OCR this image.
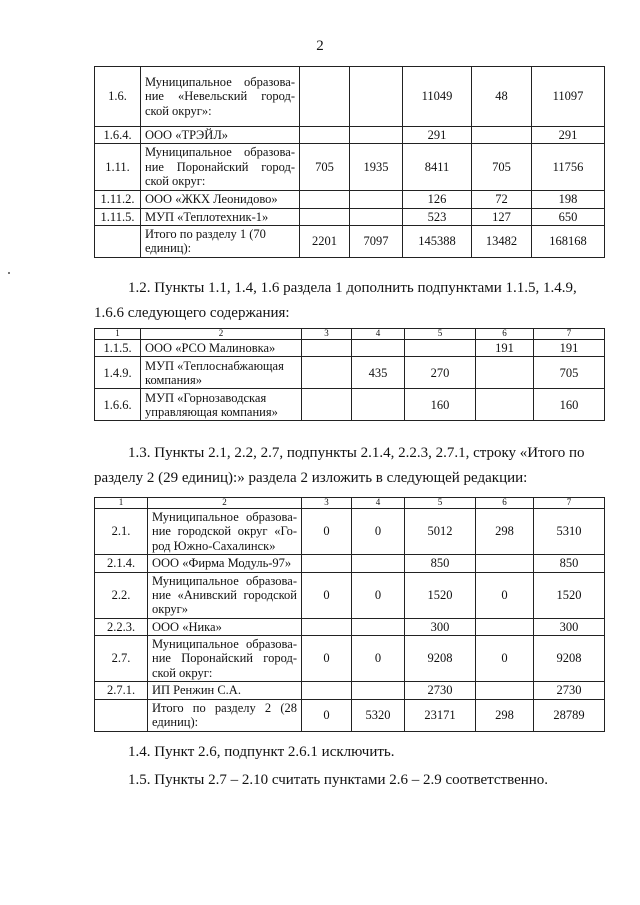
2
1.6.	Муниципальное образова-ние «Невельский город-ской округ»:			11049	48	11097
1.6.4.	ООО «ТРЭЙЛ»			291		291
1.11.	Муниципальное образова-ние Поронайский город-ской округ:	705	1935	8411	705	11756
1.11.2.	ООО «ЖКХ Леонидово»			126	72	198
1.11.5.	МУП «Теплотехник-1»			523	127	650
	Итого по разделу 1 (70 единиц):	2201	7097	145388	13482	168168
1.2. Пункты 1.1, 1.4, 1.6 раздела 1 дополнить подпунктами 1.1.5, 1.4.9,
1.6.6 следующего содержания:
1	2	3	4	5	6	7
1.1.5.	ООО «РСО Малиновка»				191	191
1.4.9.	МУП «Теплоснабжающая компания»		435	270		705
1.6.6.	МУП «Горнозаводская управляющая компания»			160		160
1.3. Пункты 2.1, 2.2, 2.7, подпункты 2.1.4, 2.2.3, 2.7.1, строку «Итого по
разделу 2 (29 единиц):» раздела 2 изложить в следующей редакции:
1	2	3	4	5	6	7
2.1.	Муниципальное образова-ние городской округ «Го-род Южно-Сахалинск»	0	0	5012	298	5310
2.1.4.	ООО «Фирма Модуль-97»			850		850
2.2.	Муниципальное образова-ние «Анивский городской округ»	0	0	1520	0	1520
2.2.3.	ООО «Ника»			300		300
2.7.	Муниципальное образова-ние Поронайский город-ской округ:	0	0	9208	0	9208
2.7.1.	ИП Ренжин С.А.			2730		2730
	Итого по разделу 2 (28 единиц):	0	5320	23171	298	28789
1.4. Пункт 2.6, подпункт 2.6.1 исключить.
1.5. Пункты 2.7 – 2.10 считать пунктами 2.6 – 2.9 соответственно.
